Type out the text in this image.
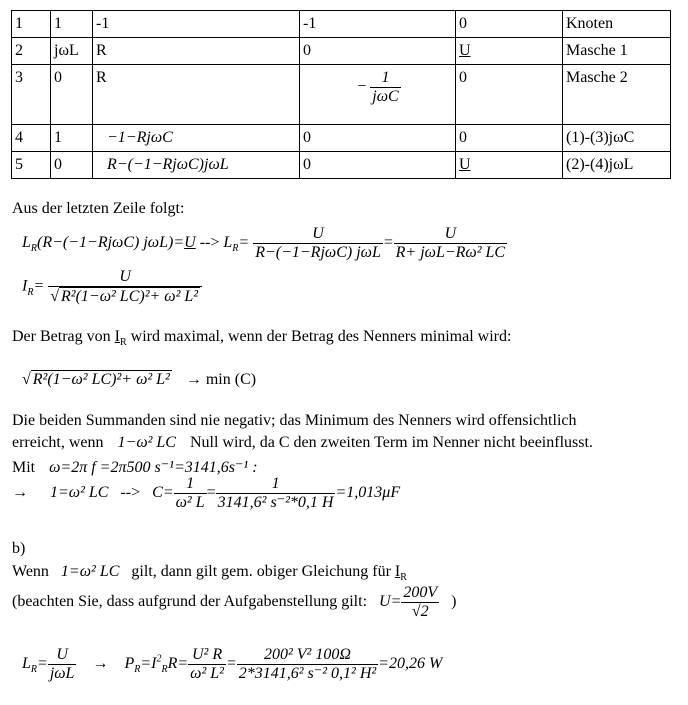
1	1	-1	-1	0	Knoten
2	jωL	R	0	U	Masche 1
3	0	R	− $\frac{1}{\text{jωC}}$	0	Masche 2
4	1	−1−RjωC	0	0	(1)-(3)jωC
5	0	R−(−1−RjωC)jωL	0	U	(2)-(4)jωL
Aus der letzten Zeile folgt:
$L_R(R-(-1-Rj\omega C)$ jωL)=U --> $L_R= \frac{U}{\text{R−(−1−RjωC) jωL}} = \frac{U}{\text{R+ jωL−Rω² LC}}$
$I_R= \frac{U}{\text{√ R²(1−ω² LC)²+ ω² L²}}$
Der Betrag von $I_R$ wird maximal, wenn der Betrag des Nenners minimal wird:
√ R²(1−ω² LC)²+ ω² L² → min (C)
Die beiden Summanden sind nie negativ; das Minimum des Nenners wird offensichtlich
erreicht, wenn 1−ω² LC Null wird, da C den zweiten Term im Nenner nicht beeinflusst.
Mit ω=2π f =2π500 s⁻¹=3141,6s⁻¹ :
→ 1=ω² LC --> $C= \frac{1}{\text{ω² L}} = \frac{1}{\text{3141,6² s⁻²*0,1 H}} =1,013\mu F$
b)
Wenn 1=ω² LC gilt, dann gilt gem. obiger Gleichung für $I_R$
(beachten Sie, dass aufgrund der Aufgabenstellung gilt: $U= \frac{200V}{√2}$ )
$L_R= \frac{U}{\text{jωL}} \to P_R=I^2_RR= \frac{\text{U² R}}{\text{ω² L²}} = \frac{\text{200² V² 100Ω}}{\text{2*3141,6² s⁻² 0,1² H²}} =20,26$ W
